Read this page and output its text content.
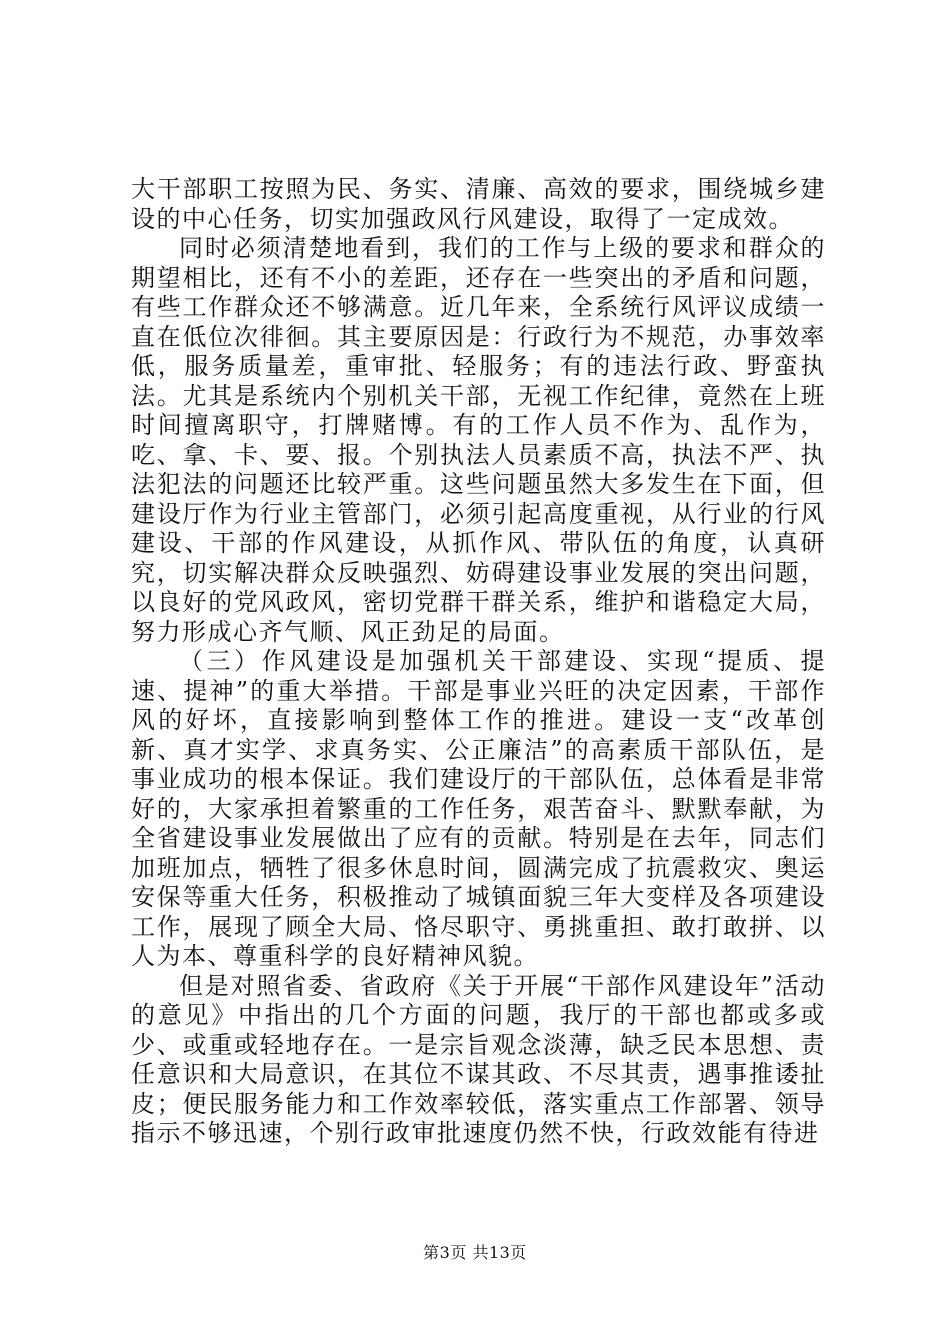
大干部职工按照为民、务实、清廉、高效的要求，围绕城乡建设的中心任务，切实加强政风行风建设，取得了一定成效。

同时必须清楚地看到，我们的工作与上级的要求和群众的期望相比，还有不小的差距，还存在一些突出的矛盾和问题，有些工作群众还不够满意。近几年来，全系统行风评议成绩一直在低位次徘徊。其主要原因是：行政行为不规范，办事效率低，服务质量差，重审批、轻服务；有的违法行政、野蛮执法。尤其是系统内个别机关干部，无视工作纪律，竟然在上班时间擅离职守，打牌赌博。有的工作人员不作为、乱作为，吃、拿、卡、要、报。个别执法人员素质不高，执法不严、执法犯法的问题还比较严重。这些问题虽然大多发生在下面，但建设厅作为行业主管部门，必须引起高度重视，从行业的行风建设、干部的作风建设，从抓作风、带队伍的角度，认真研究，切实解决群众反映强烈、妨碍建设事业发展的突出问题，以良好的党风政风，密切党群干群关系，维护和谐稳定大局，努力形成心齐气顺、风正劲足的局面。

（三）作风建设是加强机关干部建设、实现“提质、提速、提神”的重大举措。干部是事业兴旺的决定因素，干部作风的好坏，直接影响到整体工作的推进。建设一支“改革创新、真才实学、求真务实、公正廉洁”的高素质干部队伍，是事业成功的根本保证。我们建设厅的干部队伍，总体看是非常好的，大家承担着繁重的工作任务，艰苦奋斗、默默奉献，为全省建设事业发展做出了应有的贡献。特别是在去年，同志们加班加点，牺牲了很多休息时间，圆满完成了抗震救灾、奥运安保等重大任务，积极推动了城镇面貌三年大变样及各项建设工作，展现了顾全大局、恪尽职守、勇挑重担、敢打敢拼、以人为本、尊重科学的良好精神风貌。

但是对照省委、省政府《关于开展“干部作风建设年”活动的意见》中指出的几个方面的问题，我厅的干部也都或多或少、或重或轻地存在。一是宗旨观念淡薄，缺乏民本思想、责任意识和大局意识，在其位不谋其政、不尽其责，遇事推诿扯皮；便民服务能力和工作效率较低，落实重点工作部署、领导指示不够迅速，个别行政审批速度仍然不快，行政效能有待进

第3页 共13页
